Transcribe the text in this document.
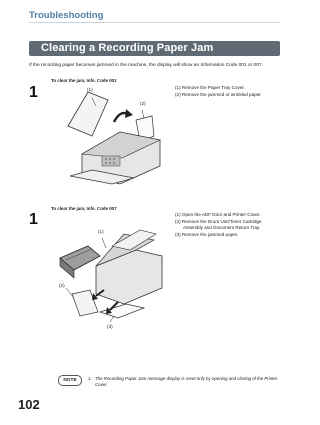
Troubleshooting
Clearing a Recording Paper Jam
If the recording paper becomes jammed in the machine, the display will show an Information Code 001 or 007.
To clear the jam, Info. Code 001
1	(1)
(2)
(1) Remove the Paper Tray Cover.
(2) Remove the jammed or wrinkled paper.
To clear the jam, Info. Code 007
1
(1)
(2)
(3)
(1) Open the ADF Door and Printer Cover.
(2) Remove the Drum Unit/Toner Cartridge
Assembly and Document Return Tray.
(3) Remove the jammed paper.
NOTE	1. The Recording Paper Jam message display is reset only by opening and closing of the Printer Cover.
102
